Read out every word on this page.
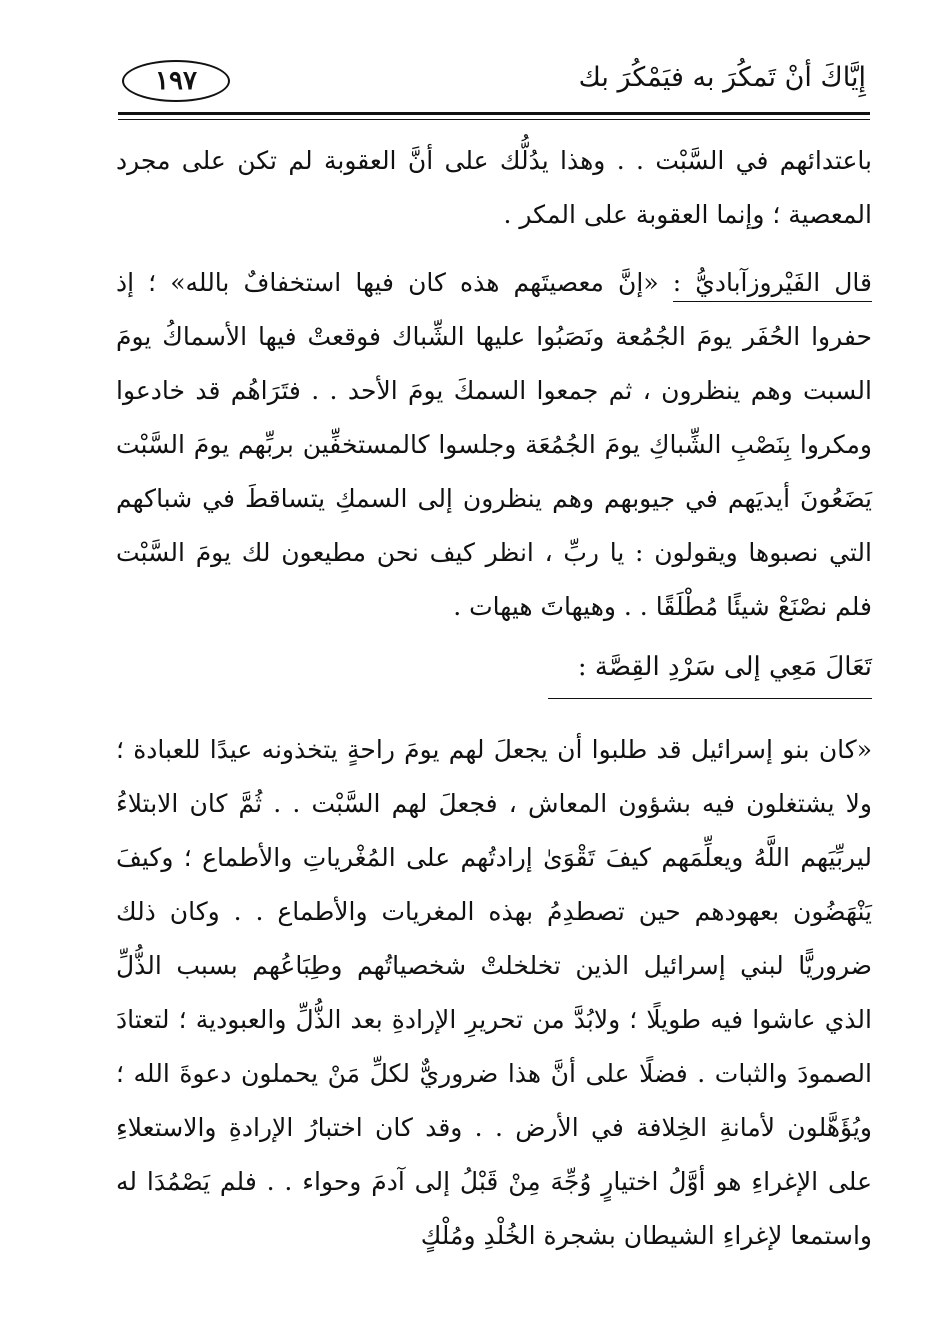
إِيَّاكَ أنْ تَمكُرَ به فيَمْكُرَ بك
١٩٧

باعتدائهم في السَّبْت . . وهذا يدُلُّك على أنَّ العقوبة لم تكن على مجرد المعصية ؛ وإنما العقوبة على المكر .

قال الفَيْروزآباديُّ : «إنَّ معصيتَهم هذه كان فيها استخفافٌ بالله» ؛ إذ حفروا الحُفَر يومَ الجُمُعة ونَصَبُوا عليها الشِّباك فوقعتْ فيها الأسماكُ يومَ السبت وهم ينظرون ، ثم جمعوا السمكَ يومَ الأحد . . فتَرَاهُم قد خادعوا ومكروا بِنَصْبِ الشِّباكِ يومَ الجُمُعَة وجلسوا كالمستخفِّين بربِّهم يومَ السَّبْت يَضَعُونَ أيديَهم في جيوبهم وهم ينظرون إلى السمكِ يتساقطَ في شباكهم التي نصبوها ويقولون : يا ربِّ ، انظر كيف نحن مطيعون لك يومَ السَّبْت فلم نصْنَعْ شيئًا مُطْلَقًا . . وهيهاتَ هيهات .

تَعَالَ مَعِي إلى سَرْدِ القِصَّة :

«كان بنو إسرائيل قد طلبوا أن يجعلَ لهم يومَ راحةٍ يتخذونه عيدًا للعبادة ؛ ولا يشتغلون فيه بشؤون المعاش ، فجعلَ لهم السَّبْت . . ثُمَّ كان الابتلاءُ ليربِّيَهم اللَّهُ ويعلِّمَهم كيفَ تَقْوَىٰ إرادتُهم على المُغْرياتِ والأطماع ؛ وكيفَ يَنْهَضُون بعهودهم حين تصطدِمُ بهذه المغريات والأطماع . . وكان ذلك ضروريًّا لبني إسرائيل الذين تخلخلتْ شخصياتُهم وطِبَاعُهم بسبب الذُّلِّ الذي عاشوا فيه طويلًا ؛ ولابُدَّ من تحريرِ الإرادةِ بعد الذُّلِّ والعبودية ؛ لتعتادَ الصمودَ والثبات . فضلًا على أنَّ هذا ضروريٌّ لكلِّ مَنْ يحملون دعوةَ الله ؛ ويُؤَهَّلون لأمانةِ الخِلافة في الأرض . . وقد كان اختبارُ الإرادةِ والاستعلاءِ على الإغراءِ هو أوَّلُ اختيارٍ وُجِّهَ مِنْ قَبْلُ إلى آدمَ وحواء . . فلم يَصْمُدَا له واستمعا لإغراءِ الشيطان بشجرة الخُلْدِ ومُلْكٍ
